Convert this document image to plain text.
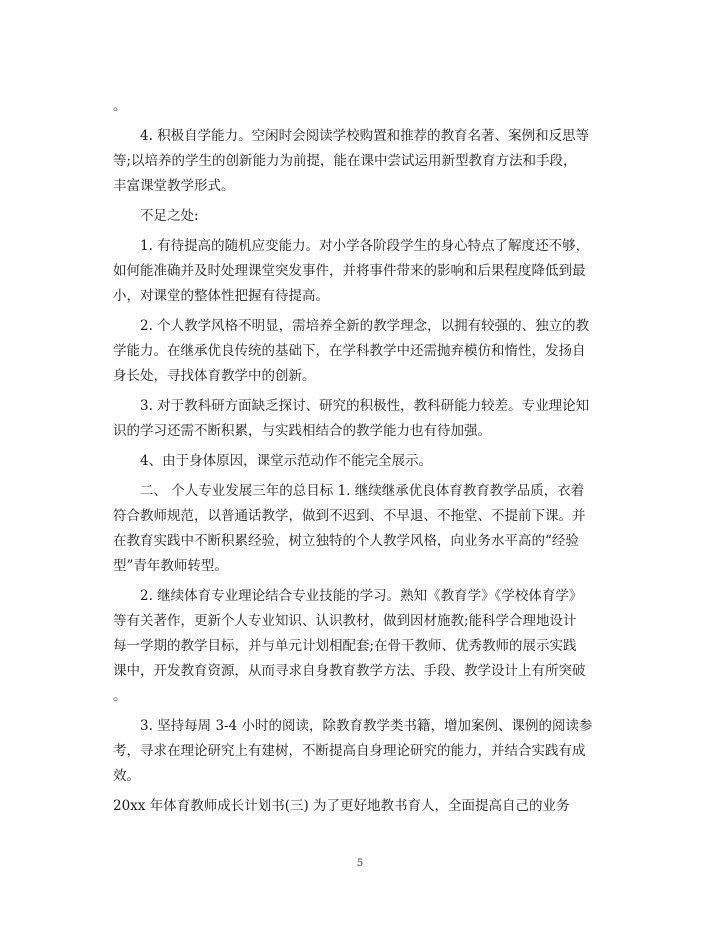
。
4. 积极自学能力。空闲时会阅读学校购置和推荐的教育名著、案例和反思等
等;以培养的学生的创新能力为前提，能在课中尝试运用新型教育方法和手段，
丰富课堂教学形式。
不足之处:
1. 有待提高的随机应变能力。对小学各阶段学生的身心特点了解度还不够，
如何能准确并及时处理课堂突发事件，并将事件带来的影响和后果程度降低到最
小，对课堂的整体性把握有待提高。
2. 个人教学风格不明显，需培养全新的教学理念，以拥有较强的、独立的教
学能力。在继承优良传统的基础下，在学科教学中还需抛弃模仿和惰性，发扬自
身长处，寻找体育教学中的创新。
3. 对于教科研方面缺乏探讨、研究的积极性，教科研能力较差。专业理论知
识的学习还需不断积累，与实践相结合的教学能力也有待加强。
4、由于身体原因，课堂示范动作不能完全展示。
二、 个人专业发展三年的总目标 1. 继续继承优良体育教育教学品质，衣着
符合教师规范，以普通话教学，做到不迟到、不早退、不拖堂、不提前下课。并
在教育实践中不断积累经验，树立独特的个人教学风格，向业务水平高的“经验
型”青年教师转型。
2. 继续体育专业理论结合专业技能的学习。熟知《教育学》《学校体育学》
等有关著作，更新个人专业知识、认识教材，做到因材施教;能科学合理地设计
每一学期的教学目标，并与单元计划相配套;在骨干教师、优秀教师的展示实践
课中，开发教育资源，从而寻求自身教育教学方法、手段、教学设计上有所突破
。
3. 坚持每周 3-4 小时的阅读，除教育教学类书籍，增加案例、课例的阅读参
考，寻求在理论研究上有建树，不断提高自身理论研究的能力，并结合实践有成
效。
20xx 年体育教师成长计划书(三) 为了更好地教书育人，全面提高自己的业务
5
